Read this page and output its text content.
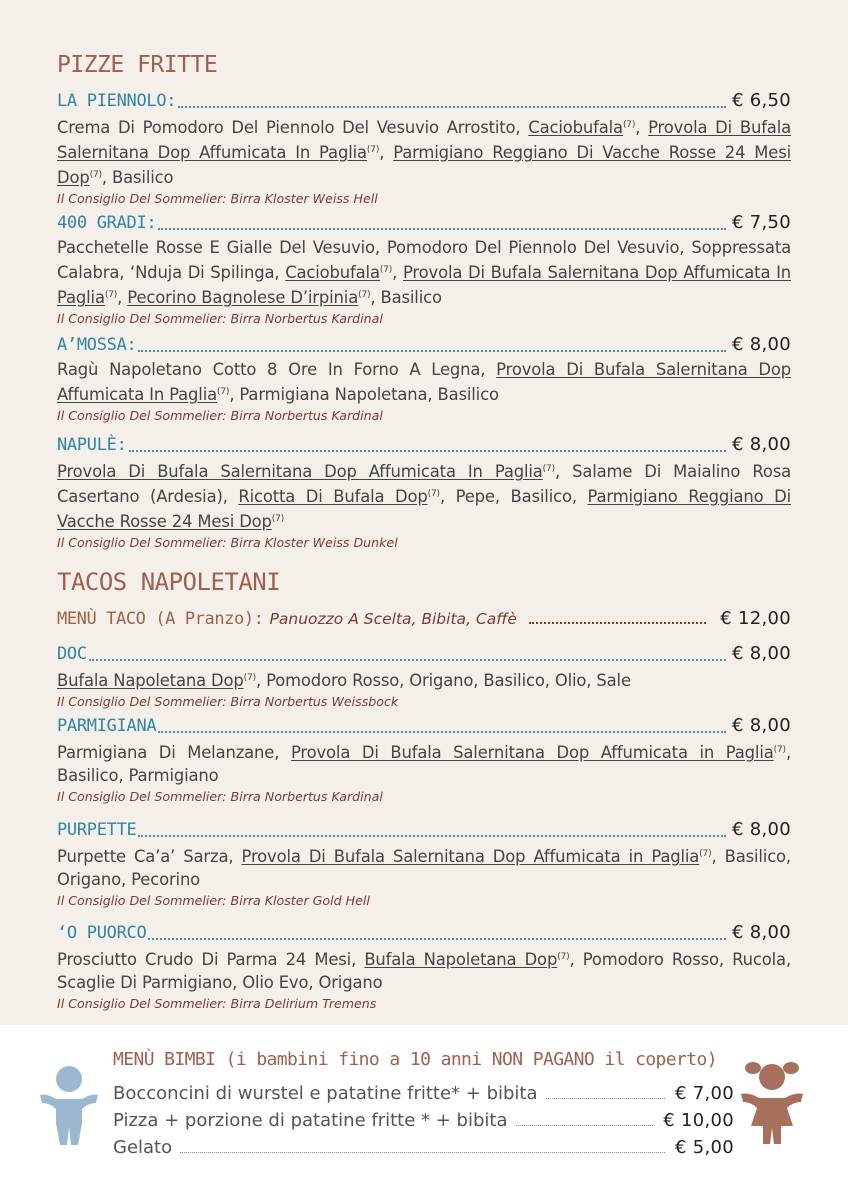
PIZZE FRITTE
LA PIENNOLO:	€ 6,50
Crema Di Pomodoro Del Piennolo Del Vesuvio Arrostito, Caciobufala$^{(7)}$, Provola Di Bufala Salernitana Dop Affumicata In Paglia$^{(7)}$, Parmigiano Reggiano Di Vacche Rosse 24 Mesi Dop$^{(7)}$, Basilico
Il Consiglio Del Sommelier: Birra Kloster Weiss Hell
400 GRADI:	€ 7,50
Pacchetelle Rosse E Gialle Del Vesuvio, Pomodoro Del Piennolo Del Vesuvio, Soppressata Calabra, ‘Nduja Di Spilinga, Caciobufala$^{(7)}$, Provola Di Bufala Salernitana Dop Affumicata In Paglia$^{(7)}$, Pecorino Bagnolese D’irpinia$^{(7)}$, Basilico
Il Consiglio Del Sommelier: Birra Norbertus Kardinal
A’MOSSA:	€ 8,00
Ragù Napoletano Cotto 8 Ore In Forno A Legna, Provola Di Bufala Salernitana Dop Affumicata In Paglia$^{(7)}$, Parmigiana Napoletana, Basilico
Il Consiglio Del Sommelier: Birra Norbertus Kardinal
NAPULÈ:	€ 8,00
Provola Di Bufala Salernitana Dop Affumicata In Paglia$^{(7)}$, Salame Di Maialino Rosa Casertano (Ardesia), Ricotta Di Bufala Dop$^{(7)}$, Pepe, Basilico, Parmigiano Reggiano Di Vacche Rosse 24 Mesi Dop$^{(7)}$
Il Consiglio Del Sommelier: Birra Kloster Weiss Dunkel
TACOS NAPOLETANI
MENÙ TACO (A Pranzo): Panuozzo A Scelta, Bibita, Caffè	€ 12,00
DOC	€ 8,00
Bufala Napoletana Dop$^{(7)}$, Pomodoro Rosso, Origano, Basilico, Olio, Sale
Il Consiglio Del Sommelier: Birra Norbertus Weissbock
PARMIGIANA	€ 8,00
Parmigiana Di Melanzane, Provola Di Bufala Salernitana Dop Affumicata in Paglia$^{(7)}$, Basilico, Parmigiano
Il Consiglio Del Sommelier: Birra Norbertus Kardinal
PURPETTE	€ 8,00
Purpette Ca’a’ Sarza, Provola Di Bufala Salernitana Dop Affumicata in Paglia$^{(7)}$, Basilico, Origano, Pecorino
Il Consiglio Del Sommelier: Birra Kloster Gold Hell
‘O PUORCO	€ 8,00
Prosciutto Crudo Di Parma 24 Mesi, Bufala Napoletana Dop$^{(7)}$, Pomodoro Rosso, Rucola, Scaglie Di Parmigiano, Olio Evo, Origano
Il Consiglio Del Sommelier: Birra Delirium Tremens
MENÙ BIMBI (i bambini fino a 10 anni NON PAGANO il coperto)
Bocconcini di wurstel e patatine fritte* + bibita	€ 7,00
Pizza + porzione di patatine fritte * + bibita	€ 10,00
Gelato	€ 5,00
